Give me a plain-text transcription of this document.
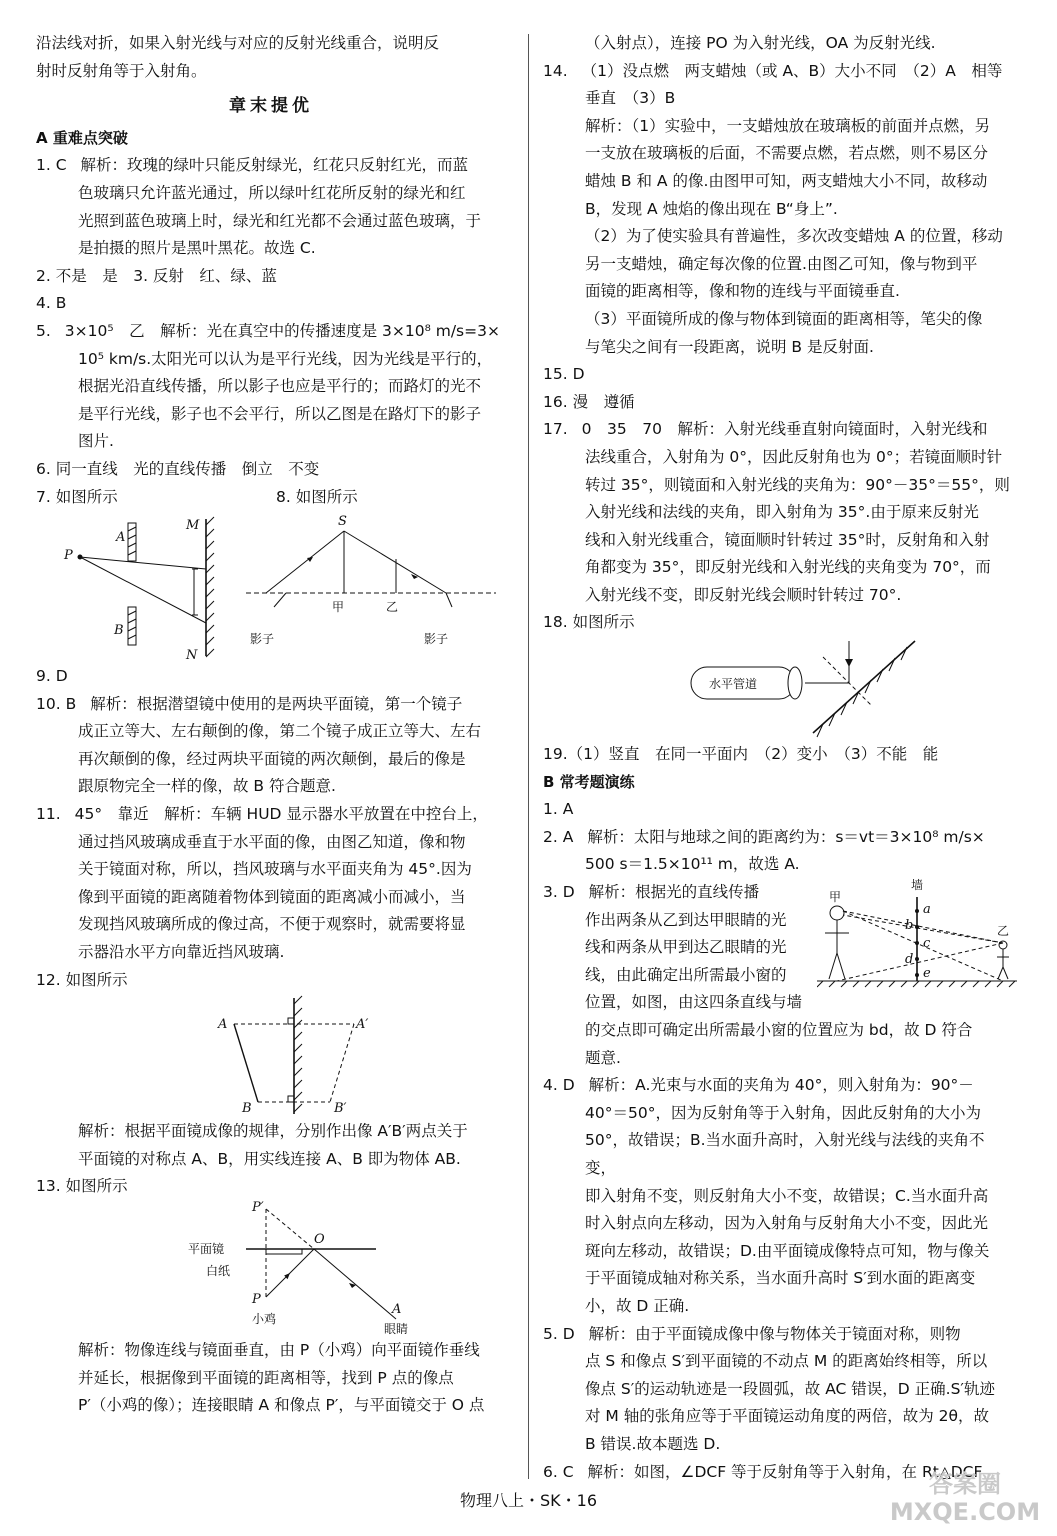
沿法线对折，如果入射光线与对应的反射光线重合，说明反

射时反射角等于入射角。

章末提优

A 重难点突破

1. C 解析：玫瑰的绿叶只能反射绿光，红花只反射红光，而蓝

色玻璃只允许蓝光通过，所以绿叶红花所反射的绿光和红

光照到蓝色玻璃上时，绿光和红光都不会通过蓝色玻璃，于

是拍摄的照片是黑叶黑花。故选 C.

2. 不是　是　3. 反射　红、绿、蓝

4. B

5. 3×10⁵　乙　解析：光在真空中的传播速度是 3×10⁸ m/s=3×

10⁵ km/s.太阳光可以认为是平行光线，因为光线是平行的，

根据光沿直线传播，所以影子也应是平行的；而路灯的光不

是平行光线，影子也不会平行，所以乙图是在路灯下的影子

图片.

6. 同一直线　光的直线传播　倒立　不变

7. 如图所示	8. 如图所示

A
B
P
M
N
S
甲	乙
影子	影子

9. D

10. B 解析：根据潜望镜中使用的是两块平面镜，第一个镜子

成正立等大、左右颠倒的像，第二个镜子成正立等大、左右

再次颠倒的像，经过两块平面镜的两次颠倒，最后的像是

跟原物完全一样的像，故 B 符合题意.

11. 45°　靠近　解析：车辆 HUD 显示器水平放置在中控台上，

通过挡风玻璃成垂直于水平面的像，由图乙知道，像和物

关于镜面对称，所以，挡风玻璃与水平面夹角为 45°.因为

像到平面镜的距离随着物体到镜面的距离减小而减小，当

发现挡风玻璃所成的像过高，不便于观察时，就需要将显

示器沿水平方向靠近挡风玻璃.

12. 如图所示

A	A′
B	B′

解析：根据平面镜成像的规律，分别作出像 A′B′两点关于

平面镜的对称点 A、B，用实线连接 A、B 即为物体 AB.

13. 如图所示

P′
O
平面镜
白纸
P
小鸡
A
眼睛

解析：物像连线与镜面垂直，由 P（小鸡）向平面镜作垂线

并延长，根据像到平面镜的距离相等，找到 P 点的像点

P′（小鸡的像）；连接眼睛 A 和像点 P′，与平面镜交于 O 点

（入射点），连接 PO 为入射光线，OA 为反射光线.

14. （1）没点燃　两支蜡烛（或 A、B）大小不同　（2）A　相等

垂直　（3）B

解析：（1）实验中，一支蜡烛放在玻璃板的前面并点燃，另

一支放在玻璃板的后面，不需要点燃，若点燃，则不易区分

蜡烛 B 和 A 的像.由图甲可知，两支蜡烛大小不同，故移动

B，发现 A 烛焰的像出现在 B“身上”.

（2）为了使实验具有普遍性，多次改变蜡烛 A 的位置，移动

另一支蜡烛，确定每次像的位置.由图乙可知，像与物到平

面镜的距离相等，像和物的连线与平面镜垂直.

（3）平面镜所成的像与物体到镜面的距离相等，笔尖的像

与笔尖之间有一段距离，说明 B 是反射面.

15. D

16. 漫　遵循

17. 0　35　70　解析：入射光线垂直射向镜面时，入射光线和

法线重合，入射角为 0°，因此反射角也为 0°；若镜面顺时针

转过 35°，则镜面和入射光线的夹角为：90°－35°＝55°，则

入射光线和法线的夹角，即入射角为 35°.由于原来反射光

线和入射光线重合，镜面顺时针转过 35°时，反射角和入射

角都变为 35°，即反射光线和入射光线的夹角变为 70°，而

入射光线不变，即反射光线会顺时针转过 70°.

18. 如图所示

水平管道

19.（1）竖直　在同一平面内　（2）变小　（3）不能　能

B 常考题演练

1. A

2. A 解析：太阳与地球之间的距离约为：s＝vt＝3×10⁸ m/s×

500 s＝1.5×10¹¹ m，故选 A.

3. D 解析：根据光的直线传播

作出两条从乙到达甲眼睛的光

线和两条从甲到达乙眼睛的光

线，由此确定出所需最小窗的

位置，如图，由这四条直线与墙

的交点即可确定出所需最小窗的位置应为 bd，故 D 符合

题意.

墙
甲
乙
a
b
c
d
e

4. D 解析：A.光束与水面的夹角为 40°，则入射角为：90°－

40°＝50°，因为反射角等于入射角，因此反射角的大小为

50°，故错误；B.当水面升高时，入射光线与法线的夹角不变，

即入射角不变，则反射角大小不变，故错误；C.当水面升高

时入射点向左移动，因为入射角与反射角大小不变，因此光

斑向左移动，故错误；D.由平面镜成像特点可知，物与像关

于平面镜成轴对称关系，当水面升高时 S′到水面的距离变

小，故 D 正确.

5. D 解析：由于平面镜成像中像与物体关于镜面对称，则物

点 S 和像点 S′到平面镜的不动点 M 的距离始终相等，所以

像点 S′的运动轨迹是一段圆弧，故 AC 错误，D 正确.S′轨迹

对 M 轴的张角应等于平面镜运动角度的两倍，故为 2θ，故

B 错误.故本题选 D.

6. C 解析：如图，∠DCF 等于反射角等于入射角，在 Rt△DCF

物理八上・SK・16
答案圈 MXQE.COM
